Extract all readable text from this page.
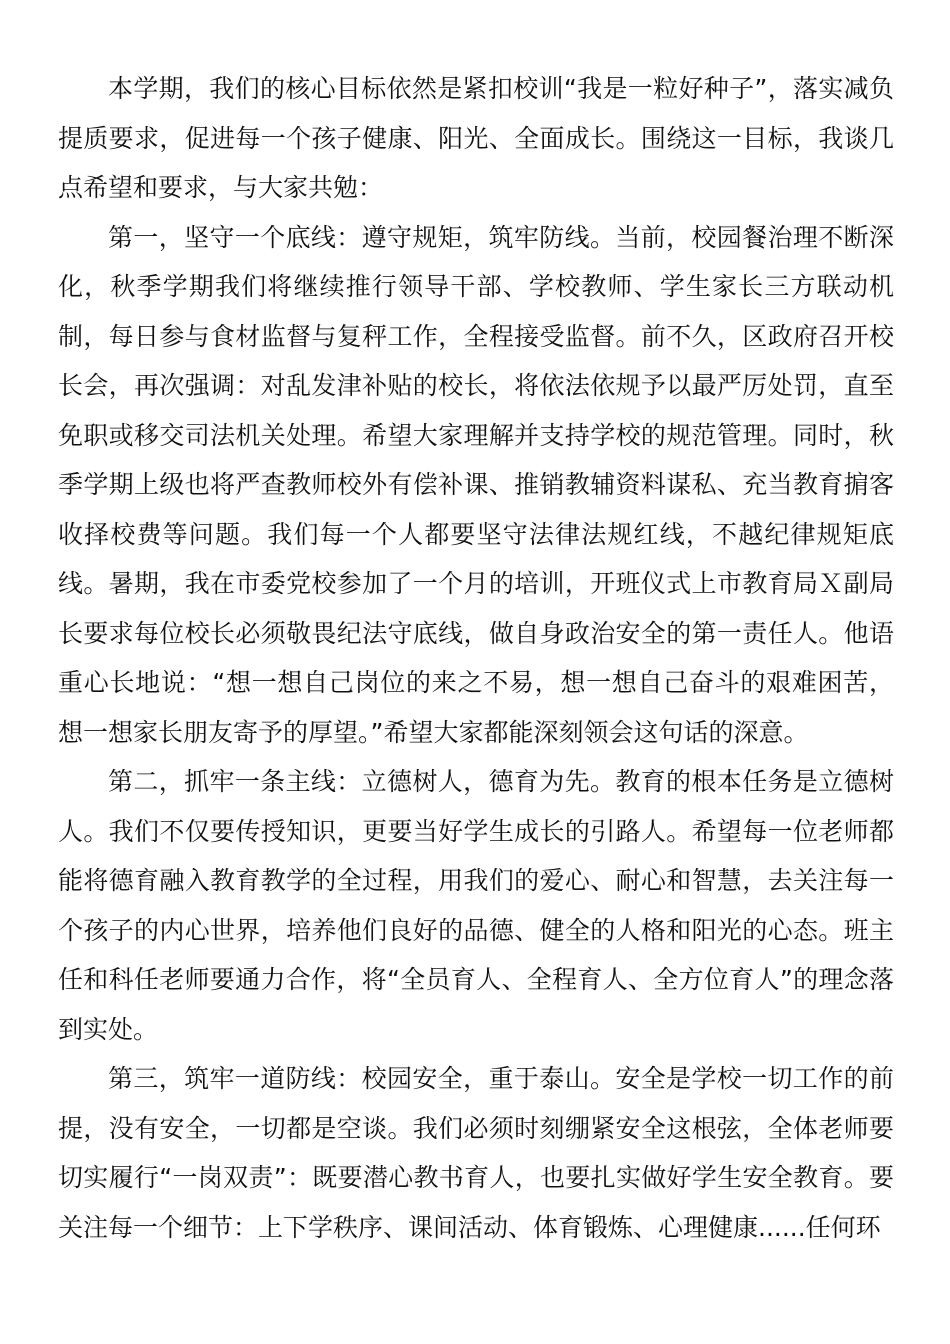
本学期，我们的核心目标依然是紧扣校训“我是一粒好种子”，落实减负提质要求，促进每一个孩子健康、阳光、全面成长。围绕这一目标，我谈几点希望和要求，与大家共勉：

第一，坚守一个底线：遵守规矩，筑牢防线。当前，校园餐治理不断深化，秋季学期我们将继续推行领导干部、学校教师、学生家长三方联动机制，每日参与食材监督与复秤工作，全程接受监督。前不久，区政府召开校长会，再次强调：对乱发津补贴的校长，将依法依规予以最严厉处罚，直至免职或移交司法机关处理。希望大家理解并支持学校的规范管理。同时，秋季学期上级也将严查教师校外有偿补课、推销教辅资料谋私、充当教育掮客收择校费等问题。我们每一个人都要坚守法律法规红线，不越纪律规矩底线。暑期，我在市委党校参加了一个月的培训，开班仪式上市教育局Ｘ副局长要求每位校长必须敬畏纪法守底线，做自身政治安全的第一责任人。他语重心长地说：“想一想自己岗位的来之不易，想一想自己奋斗的艰难困苦，想一想家长朋友寄予的厚望。”希望大家都能深刻领会这句话的深意。

第二，抓牢一条主线：立德树人，德育为先。教育的根本任务是立德树人。我们不仅要传授知识，更要当好学生成长的引路人。希望每一位老师都能将德育融入教育教学的全过程，用我们的爱心、耐心和智慧，去关注每一个孩子的内心世界，培养他们良好的品德、健全的人格和阳光的心态。班主任和科任老师要通力合作，将“全员育人、全程育人、全方位育人”的理念落到实处。

第三，筑牢一道防线：校园安全，重于泰山。安全是学校一切工作的前提，没有安全，一切都是空谈。我们必须时刻绷紧安全这根弦，全体老师要切实履行“一岗双责”：既要潜心教书育人，也要扎实做好学生安全教育。要关注每一个细节：上下学秩序、课间活动、体育锻炼、心理健康......任何环
